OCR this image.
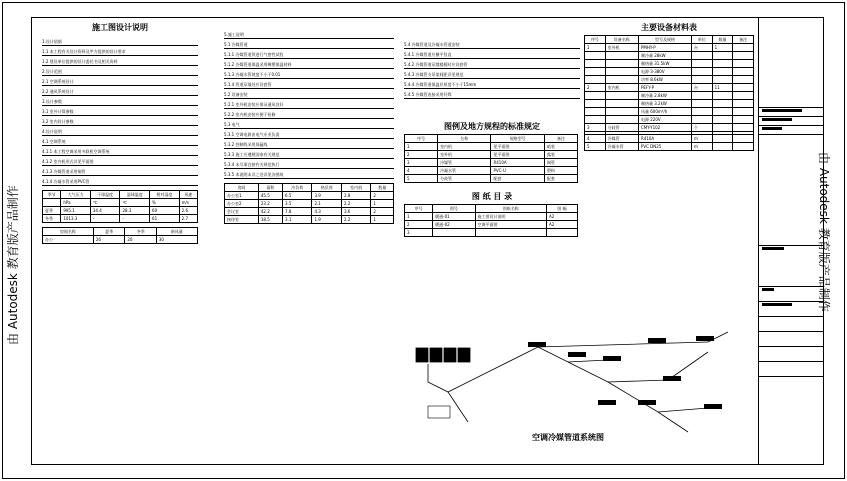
由 Autodesk 教育版产品制作	由 Autodesk 教育版产品制作
施工图设计说明
1.设计依据
1.1 本工程有关设计资料及甲方提供的设计要求
1.2 建设单位提供的设计委托书及相关资料
2.设计范围
2.1 空调系统设计
2.2 通风系统设计
3.设计参数
3.1 室外计算参数
3.2 室内设计参数
4.设计说明
4.1 空调系统
4.1.1 本工程空调采用多联机空调系统
4.1.2 室内机形式详见平面图
4.1.3 冷媒管道采用铜管
4.1.4 冷凝水管采用PVC管
季节	大气压力	干球温度	湿球温度	相对湿度	风速
	hPa	℃	℃	%	m/s
夏季	995.1	34.4	28.3	60	2.6
冬季	1013.3	-	-	61	2.7
房间名称	夏季	冬季	新风量
办公	26	20	30
5.施工说明
5.1 冷媒管道
5.1.1 冷媒管道须进行气密性试验
5.1.2 冷媒管道保温采用橡塑保温材料
5.1.3 冷凝水管坡度不小于0.01
5.1.4 管道穿墙处应设套管
5.2 设备安装
5.2.1 室外机安装应保证通风良好
5.2.2 室内机安装应便于检修
5.3 电气
5.3.1 空调电源由电气专业负责
5.3.2 控制线采用屏蔽线
5.3.3 施工应遵照国家有关规范
5.3.4 未尽事宜按有关规范执行
5.3.5 本说明未详之处详见各图纸
房间	面积	冷负荷	热负荷	室内机	数量
办公室1	45.5	6.5	3.9	2.8	2
办公室2	23.2	3.5	2.1	2.2	1
会议室	42.2	7.8	4.3	3.6	2
接待室	18.5	3.1	1.9	2.2	1
5.4 冷媒管道及冷凝水管道安装
5.4.1 冷媒管道应横平竖直
5.4.2 冷媒管道穿越楼板时应设套管
5.4.3 冷媒管支吊架间距详见规范
5.4.4 冷媒管道保温层厚度不小于15mm
5.4.5 冷媒管连接采用钎焊
图例及地方规程的标准规定
序号	名称	规格型号	备注
1	室内机	见平面图	暗装
2	室外机	见平面图	露装
3	冷媒管	R410A	铜管
4	冷凝水管	PVC-U	塑料
5	分歧管	配套	配套
图 纸 目 录
序号	图号	图纸名称	图 幅
1	暖通-01	施工图设计说明	A2
2	暖通-02	空调平面图	A2
3			
主要设备材料表
序号	设备名称	型号及规格	单位	数量	备注
1	室外机	PMHY-P	台	1	
		制冷量 28kW			
		制热量 31.5kW			
		电源 3-380V			
		功率 8.6kW			
2	室内机	PEFY-P	台	11	
		制冷量 2.8kW			
		制热量 3.2kW			
		风量 600m³/h			
		电源 220V			
3	分歧管	CMY-Y102	个		

4	冷媒管	R410A	m		
5	冷凝水管	PVC DN25	m		
空调冷媒管道系统图
